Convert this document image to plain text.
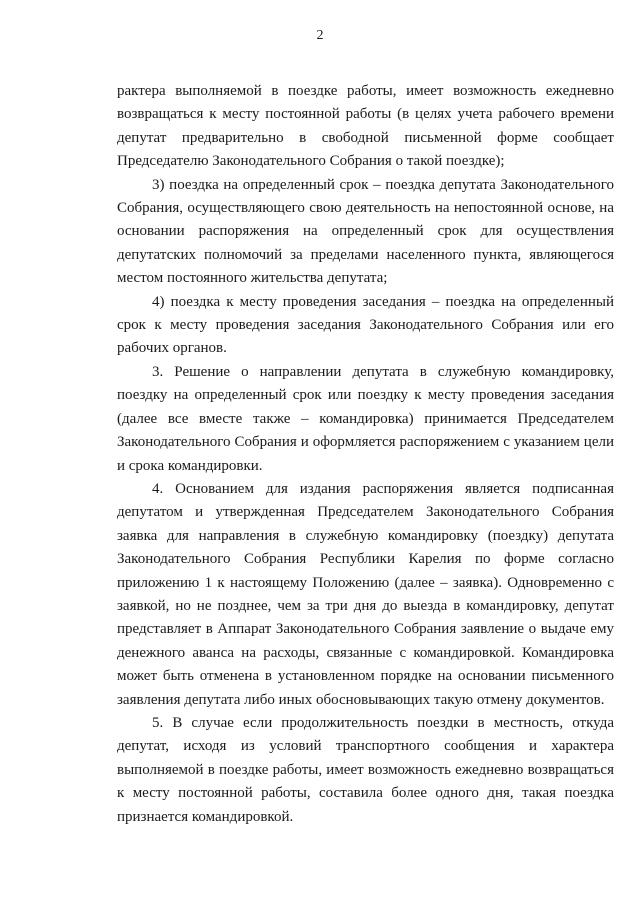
2

рактера выполняемой в поездке работы, имеет возможность ежедневно возвращаться к месту постоянной работы (в целях учета рабочего времени депутат предварительно в свободной письменной форме сообщает Председателю Законодательного Собрания о такой поездке);

3) поездка на определенный срок – поездка депутата Законодательного Собрания, осуществляющего свою деятельность на непостоянной основе, на основании распоряжения на определенный срок для осуществления депутатских полномочий за пределами населенного пункта, являющегося местом постоянного жительства депутата;

4) поездка к месту проведения заседания – поездка на определенный срок к месту проведения заседания Законодательного Собрания или его рабочих органов.

3. Решение о направлении депутата в служебную командировку, поездку на определенный срок или поездку к месту проведения заседания (далее все вместе также – командировка) принимается Председателем Законодательного Собрания и оформляется распоряжением с указанием цели и срока командировки.

4. Основанием для издания распоряжения является подписанная депутатом и утвержденная Председателем Законодательного Собрания заявка для направления в служебную командировку (поездку) депутата Законодательного Собрания Республики Карелия по форме согласно приложению 1 к настоящему Положению (далее – заявка). Одновременно с заявкой, но не позднее, чем за три дня до выезда в командировку, депутат представляет в Аппарат Законодательного Собрания заявление о выдаче ему денежного аванса на расходы, связанные с командировкой. Командировка может быть отменена в установленном порядке на основании письменного заявления депутата либо иных обосновывающих такую отмену документов.

5. В случае если продолжительность поездки в местность, откуда депутат, исходя из условий транспортного сообщения и характера выполняемой в поездке работы, имеет возможность ежедневно возвращаться к месту постоянной работы, составила более одного дня, такая поездка признается командировкой.
